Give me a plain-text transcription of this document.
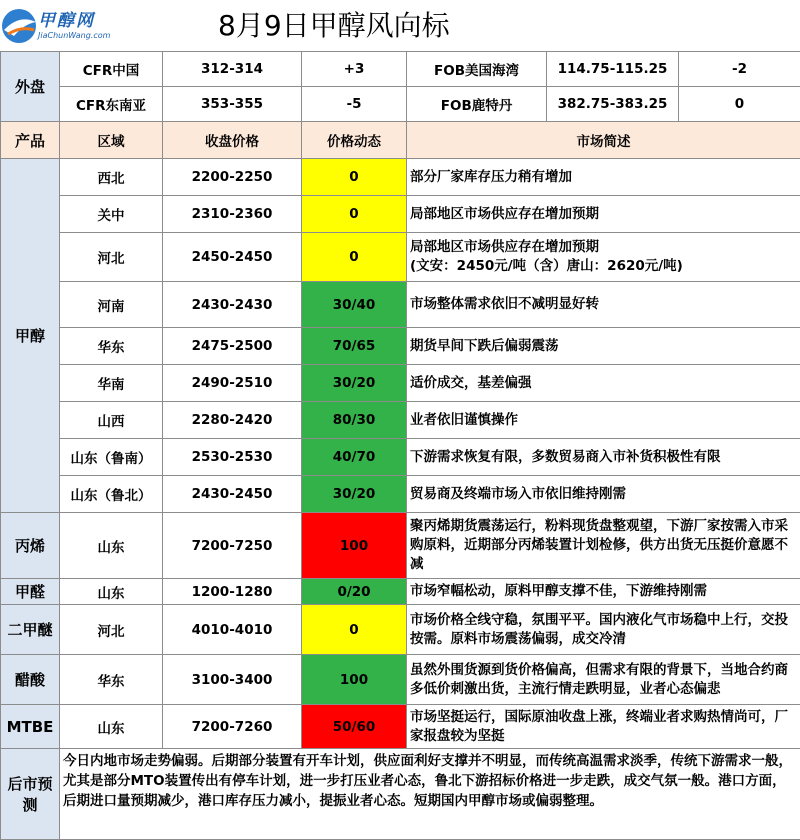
甲醇网
JiaChunWang.com	8月9日甲醇风向标
外盘	CFR中国	312-314	+3	FOB美国海湾	114.75-115.25	-2
	CFR东南亚	353-355	-5	FOB鹿特丹	382.75-383.25	0
产品	区域	收盘价格	价格动态	市场简述		
甲醇	西北	2200-2250	0	部分厂家库存压力稍有增加		
	关中	2310-2360	0	局部地区市场供应存在增加预期		
	河北	2450-2450	0	局部地区市场供应存在增加预期
(文安：2450元/吨（含）唐山：2620元/吨)		
	河南	2430-2430	30/40	市场整体需求依旧不减明显好转		
	华东	2475-2500	70/65	期货早间下跌后偏弱震荡		
	华南	2490-2510	30/20	适价成交，基差偏强		
	山西	2280-2420	80/30	业者依旧谨慎操作		
	山东（鲁南）	2530-2530	40/70	下游需求恢复有限，多数贸易商入市补货积极性有限		
	山东（鲁北）	2430-2450	30/20	贸易商及终端市场入市依旧维持刚需		
丙烯	山东	7200-7250	100	聚丙烯期货震荡运行，粉料现货盘整观望，下游厂家按需入市采购原料，近期部分丙烯装置计划检修，供方出货无压挺价意愿不减		
甲醛	山东	1200-1280	0/20	市场窄幅松动，原料甲醇支撑不佳，下游维持刚需		
二甲醚	河北	4010-4010	0	市场价格全线守稳，氛围平平。国内液化气市场稳中上行，交投按需。原料市场震荡偏弱，成交冷清		
醋酸	华东	3100-3400	100	虽然外围货源到货价格偏高，但需求有限的背景下，当地合约商多低价刺激出货，主流行情走跌明显，业者心态偏悲		
MTBE	山东	7200-7260	50/60	市场坚挺运行，国际原油收盘上涨，终端业者求购热情尚可，厂家报盘较为坚挺		
后市预测	今日内地市场走势偏弱。后期部分装置有开车计划，供应面利好支撑并不明显，而传统高温需求淡季，传统下游需求一般，尤其是部分MTO装置传出有停车计划，进一步打压业者心态，鲁北下游招标价格进一步走跌，成交气氛一般。港口方面，后期进口量预期减少，港口库存压力减小，提振业者心态。短期国内甲醇市场或偏弱整理。					
